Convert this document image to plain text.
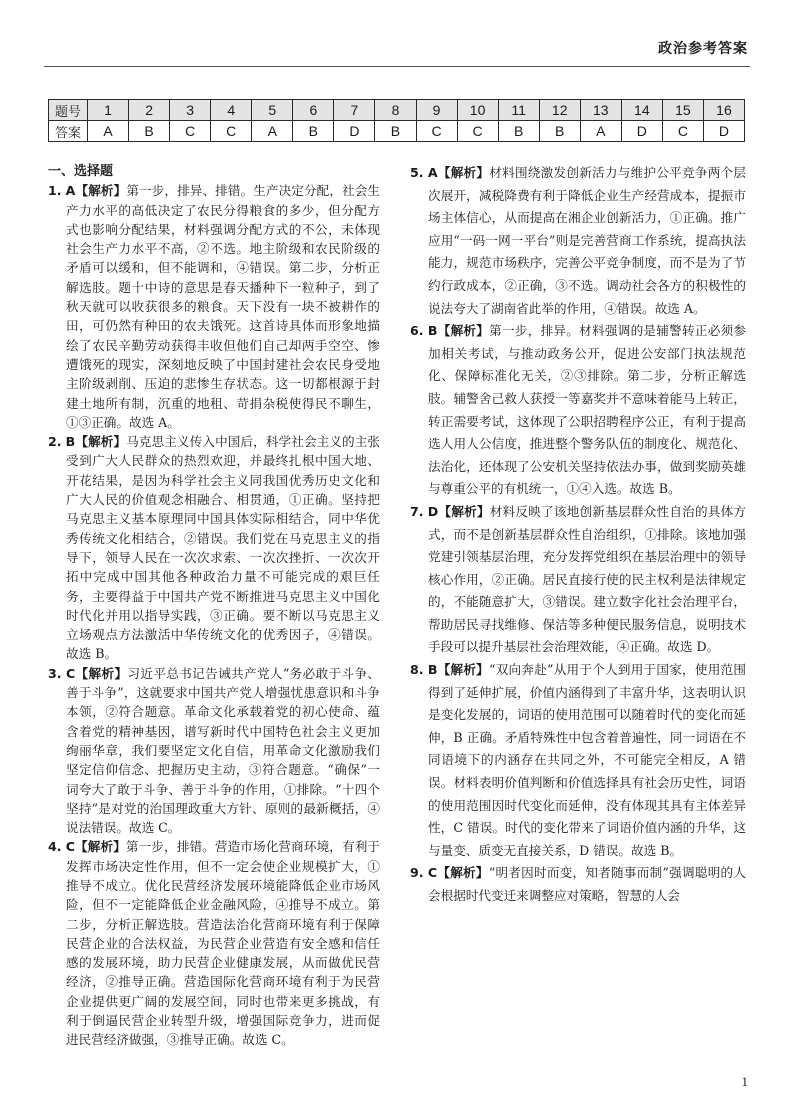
政治参考答案
题号	1	2	3	4	5	6	7	8	9	10	11	12	13	14	15	16
答案	A	B	C	C	A	B	D	B	C	C	B	B	A	D	C	D
一、选择题
1. A【解析】第一步，排异、排错。生产决定分配，社会生产力水平的高低决定了农民分得粮食的多少，但分配方式也影响分配结果，材料强调分配方式的不公，未体现社会生产力水平不高，②不选。地主阶级和农民阶级的矛盾可以缓和，但不能调和，④错误。第二步，分析正解选肢。题十中诗的意思是春天播种下一粒种子，到了秋天就可以收获很多的粮食。天下没有一块不被耕作的田，可仍然有种田的农夫饿死。这首诗具体而形象地描绘了农民辛勤劳动获得丰收但他们自己却两手空空、惨遭饿死的现实，深刻地反映了中国封建社会农民身受地主阶级剥削、压迫的悲惨生存状态。这一切都根源于封建土地所有制，沉重的地租、苛捐杂税使得民不聊生，①③正确。故选 A。
2. B【解析】马克思主义传入中国后，科学社会主义的主张受到广大人民群众的热烈欢迎，并最终扎根中国大地、开花结果，是因为科学社会主义同我国优秀历史文化和广大人民的价值观念相融合、相贯通，①正确。坚持把马克思主义基本原理同中国具体实际相结合，同中华优秀传统文化相结合，②错误。我们党在马克思主义的指导下，领导人民在一次次求索、一次次挫折、一次次开拓中完成中国其他各种政治力量不可能完成的艰巨任务，主要得益于中国共产党不断推进马克思主义中国化时代化并用以指导实践，③正确。要不断以马克思主义立场观点方法激活中华传统文化的优秀因子，④错误。故选 B。
3. C【解析】习近平总书记告诫共产党人“务必敢于斗争、善于斗争”，这就要求中国共产党人增强忧患意识和斗争本领，②符合题意。革命文化承载着党的初心使命、蕴含着党的精神基因，谱写新时代中国特色社会主义更加绚丽华章，我们要坚定文化自信，用革命文化激励我们坚定信仰信念、把握历史主动，③符合题意。“确保”一词夸大了敢于斗争、善于斗争的作用，①排除。“十四个坚持”是对党的治国理政重大方针、原则的最新概括，④说法错误。故选 C。
4. C【解析】第一步，排错。营造市场化营商环境，有利于发挥市场决定性作用，但不一定会使企业规模扩大，①推导不成立。优化民营经济发展环境能降低企业市场风险，但不一定能降低企业金融风险，④推导不成立。第二步，分析正解选肢。营造法治化营商环境有利于保障民营企业的合法权益，为民营企业营造有安全感和信任感的发展环境，助力民营企业健康发展，从而做优民营经济，②推导正确。营造国际化营商环境有利于为民营企业提供更广阔的发展空间，同时也带来更多挑战，有利于倒逼民营企业转型升级，增强国际竞争力，进而促进民营经济做强，③推导正确。故选 C。
5. A【解析】材料围绕激发创新活力与维护公平竞争两个层次展开，减税降费有利于降低企业生产经营成本，提振市场主体信心，从而提高在湘企业创新活力，①正确。推广应用“一码一网一平台”则是完善营商工作系统，提高执法能力，规范市场秩序，完善公平竞争制度，而不是为了节约行政成本，②正确，③不选。调动社会各方的积极性的说法夸大了湖南省此举的作用，④错误。故选 A。
6. B【解析】第一步，排异。材料强调的是辅警转正必须参加相关考试，与推动政务公开，促进公安部门执法规范化、保障标准化无关，②③排除。第二步，分析正解选肢。辅警舍己救人获授一等嘉奖并不意味着能马上转正，转正需要考试，这体现了公职招聘程序公正，有利于提高选人用人公信度，推进整个警务队伍的制度化、规范化、法治化，还体现了公安机关坚持依法办事，做到奖励英雄与尊重公平的有机统一，①④入选。故选 B。
7. D【解析】材料反映了该地创新基层群众性自治的具体方式，而不是创新基层群众性自治组织，①排除。该地加强党建引领基层治理，充分发挥党组织在基层治理中的领导核心作用，②正确。居民直接行使的民主权利是法律规定的，不能随意扩大，③错误。建立数字化社会治理平台，帮助居民寻找维修、保洁等多种便民服务信息，说明技术手段可以提升基层社会治理效能，④正确。故选 D。
8. B【解析】“双向奔赴”从用于个人到用于国家，使用范围得到了延伸扩展，价值内涵得到了丰富升华，这表明认识是变化发展的，词语的使用范围可以随着时代的变化而延伸，B 正确。矛盾特殊性中包含着普遍性，同一词语在不同语境下的内涵存在共同之外，不可能完全相反，A 错误。材料表明价值判断和价值选择具有社会历史性，词语的使用范围因时代变化而延伸，没有体现其具有主体差异性，C 错误。时代的变化带来了词语价值内涵的升华，这与量变、质变无直接关系，D 错误。故选 B。
9. C【解析】“明者因时而变，知者随事而制”强调聪明的人会根据时代变迁来调整应对策略，智慧的人会
1
